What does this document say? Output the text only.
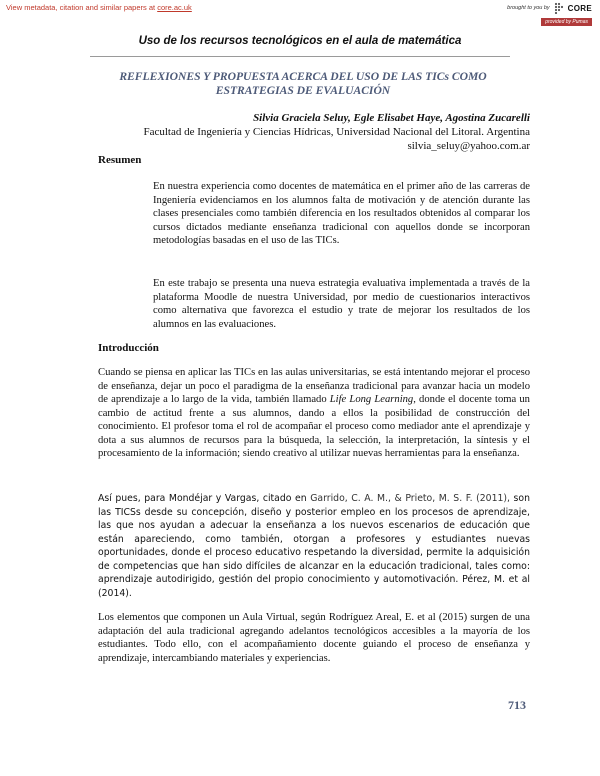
View metadata, citation and similar papers at core.ac.uk	brought to you by CORE
provided by Pumas
Uso de los recursos tecnológicos en el aula de matemática
REFLEXIONES Y PROPUESTA ACERCA DEL USO DE LAS TICs COMO
ESTRATEGIAS DE EVALUACIÓN
Silvia Graciela Seluy, Egle Elisabet Haye, Agostina Zucarelli
Facultad de Ingeniería y Ciencias Hídricas, Universidad Nacional del Litoral. Argentina
silvia_seluy@yahoo.com.ar
Resumen

En nuestra experiencia como docentes de matemática en el primer año de las carreras de Ingeniería evidenciamos en los alumnos falta de motivación y de atención durante las clases presenciales como también diferencia en los resultados obtenidos al comparar los cursos dictados mediante enseñanza tradicional con aquellos donde se incorporan metodologías basadas en el uso de las TICs.

En este trabajo se presenta una nueva estrategia evaluativa implementada a través de la plataforma Moodle de nuestra Universidad, por medio de cuestionarios interactivos como alternativa que favorezca el estudio y trate de mejorar los resultados de los alumnos en las evaluaciones.

Introducción

Cuando se piensa en aplicar las TICs en las aulas universitarias, se está intentando mejorar el proceso de enseñanza, dejar un poco el paradigma de la enseñanza tradicional para avanzar hacia un modelo de aprendizaje a lo largo de la vida, también llamado Life Long Learning, donde el docente toma un cambio de actitud frente a sus alumnos, dando a ellos la posibilidad de construcción del conocimiento. El profesor toma el rol de acompañar el proceso como mediador ante el aprendizaje y dota a sus alumnos de recursos para la búsqueda, la selección, la interpretación, la síntesis y el procesamiento de la información; siendo creativo al utilizar nuevas herramientas para la enseñanza.

Así pues, para Mondéjar y Vargas, citado en Garrido, C. A. M., & Prieto, M. S. F. (2011), son las TICSs desde su concepción, diseño y posterior empleo en los procesos de aprendizaje, las que nos ayudan a adecuar la enseñanza a los nuevos escenarios de educación que están apareciendo, como también, otorgan a profesores y estudiantes nuevas oportunidades, donde el proceso educativo respetando la diversidad, permite la adquisición de competencias que han sido difíciles de alcanzar en la educación tradicional, tales como: aprendizaje autodirigido, gestión del propio conocimiento y automotivación. Pérez, M. et al (2014).

Los elementos que componen un Aula Virtual, según Rodríguez Areal, E. et al (2015) surgen de una adaptación del aula tradicional agregando adelantos tecnológicos accesibles a la mayoría de los estudiantes. Todo ello, con el acompañamiento docente guiando el proceso de enseñanza y aprendizaje, intercambiando materiales y experiencias.

713
